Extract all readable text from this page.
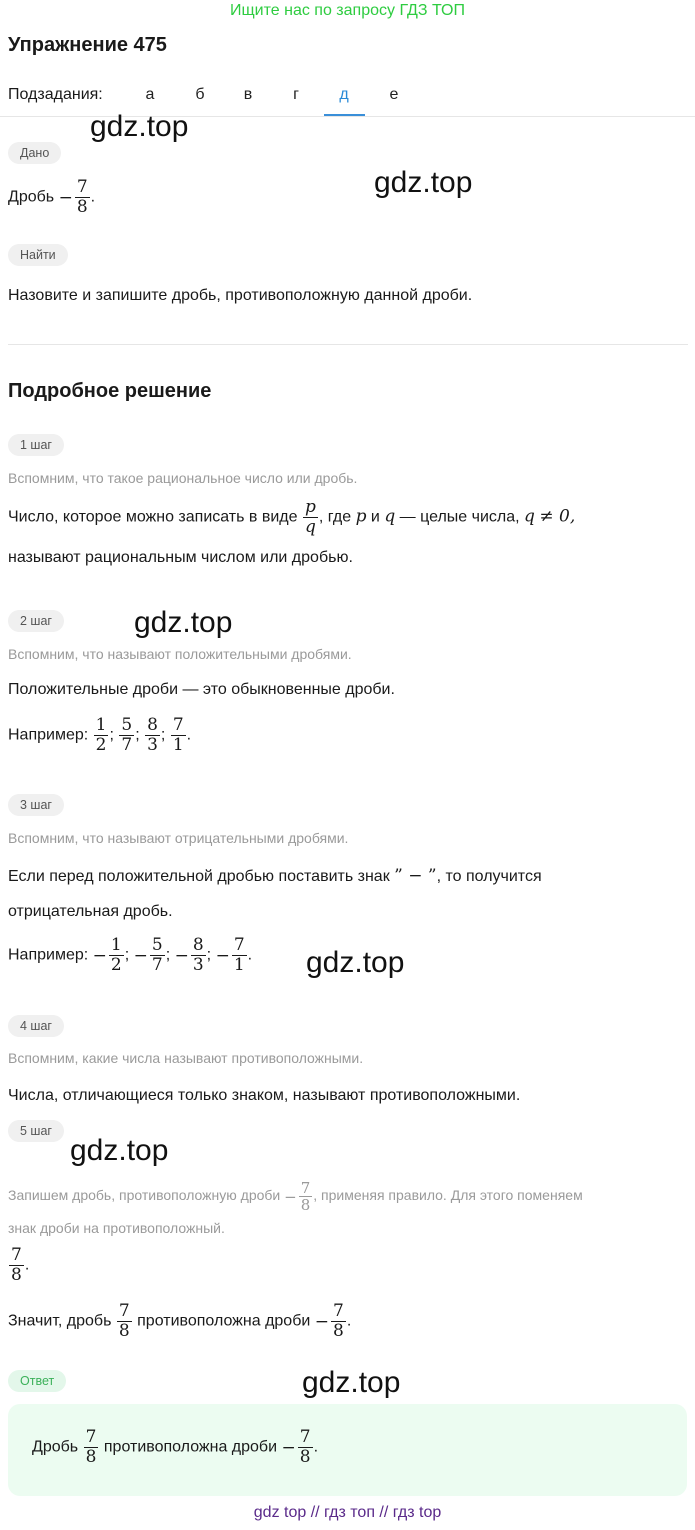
Ищите нас по запросу ГДЗ ТОП
Упражнение 475
Подзадания:	а	б	в	г	д	е
Дано
Дробь − $\frac{7}{8}$ .
Найти
Назовите и запишите дробь, противоположную данной дроби.
Подробное решение
1 шаг
Вспомним, что такое рациональное число или дробь.
Число, которое можно записать в виде $\frac{p}{q}$ , где p и q — целые числа, q ≠ 0,
называют рациональным числом или дробью.
2 шаг
Вспомним, что называют положительными дробями.
Положительные дроби — это обыкновенные дроби.
Например: $\frac{1}{2}$ ; $\frac{5}{7}$ ; $\frac{8}{3}$ ; $\frac{7}{1}$ .
3 шаг
Вспомним, что называют отрицательными дробями.
Если перед положительной дробью поставить знак ” − ”, то получится
отрицательная дробь.
Например: − $\frac{1}{2}$ ; − $\frac{5}{7}$ ; − $\frac{8}{3}$ ; − $\frac{7}{1}$ .
4 шаг
Вспомним, какие числа называют противоположными.
Числа, отличающиеся только знаком, называют противоположными.
5 шаг
Запишем дробь, противоположную дроби − $\frac{7}{8}$ , применяя правило. Для этого поменяем
знак дроби на противоположный.
$\frac{7}{8}$ .
Значит, дробь $\frac{7}{8}$ противоположна дроби − $\frac{7}{8}$ .
Ответ
Дробь $\frac{7}{8}$ противоположна дроби − $\frac{7}{8}$ .
gdz.top
gdz.top
gdz.top
gdz.top
gdz.top
gdz.top
gdz top // гдз топ // гдз top
